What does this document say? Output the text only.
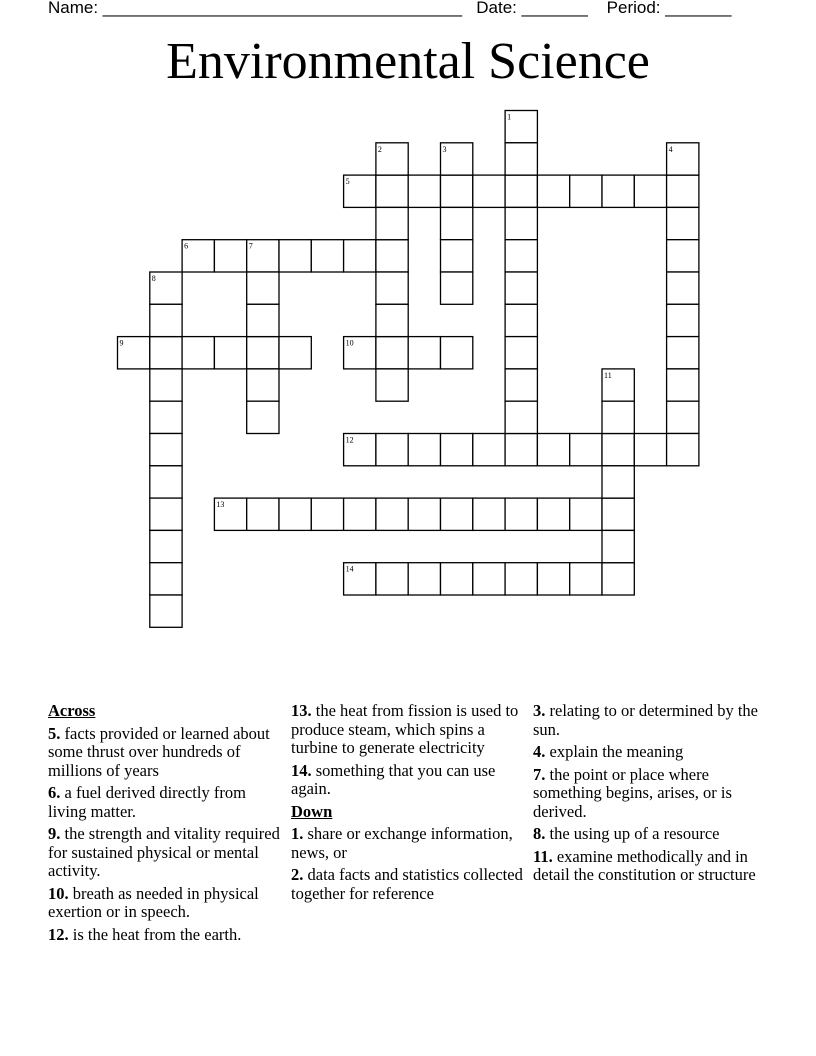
Name: ______________________________________   Date: _______    Period: _______
Environmental Science
5
6
9	10
12
13
14
1
2	3	4
7
8
11
Across
5. facts provided or learned about some thrust over hundreds of millions of years
6. a fuel derived directly from living matter.
9. the strength and vitality required for sustained physical or mental activity.
10. breath as needed in physical exertion or in speech.
12. is the heat from the earth.
13. the heat from fission is used to produce steam, which spins a turbine to generate electricity
14. something that you can use again.
Down
1. share or exchange information, news, or
2. data facts and statistics collected together for reference
3. relating to or determined by the sun.
4. explain the meaning
7. the point or place where something begins, arises, or is derived.
8. the using up of a resource
11. examine methodically and in detail the constitution or structure
